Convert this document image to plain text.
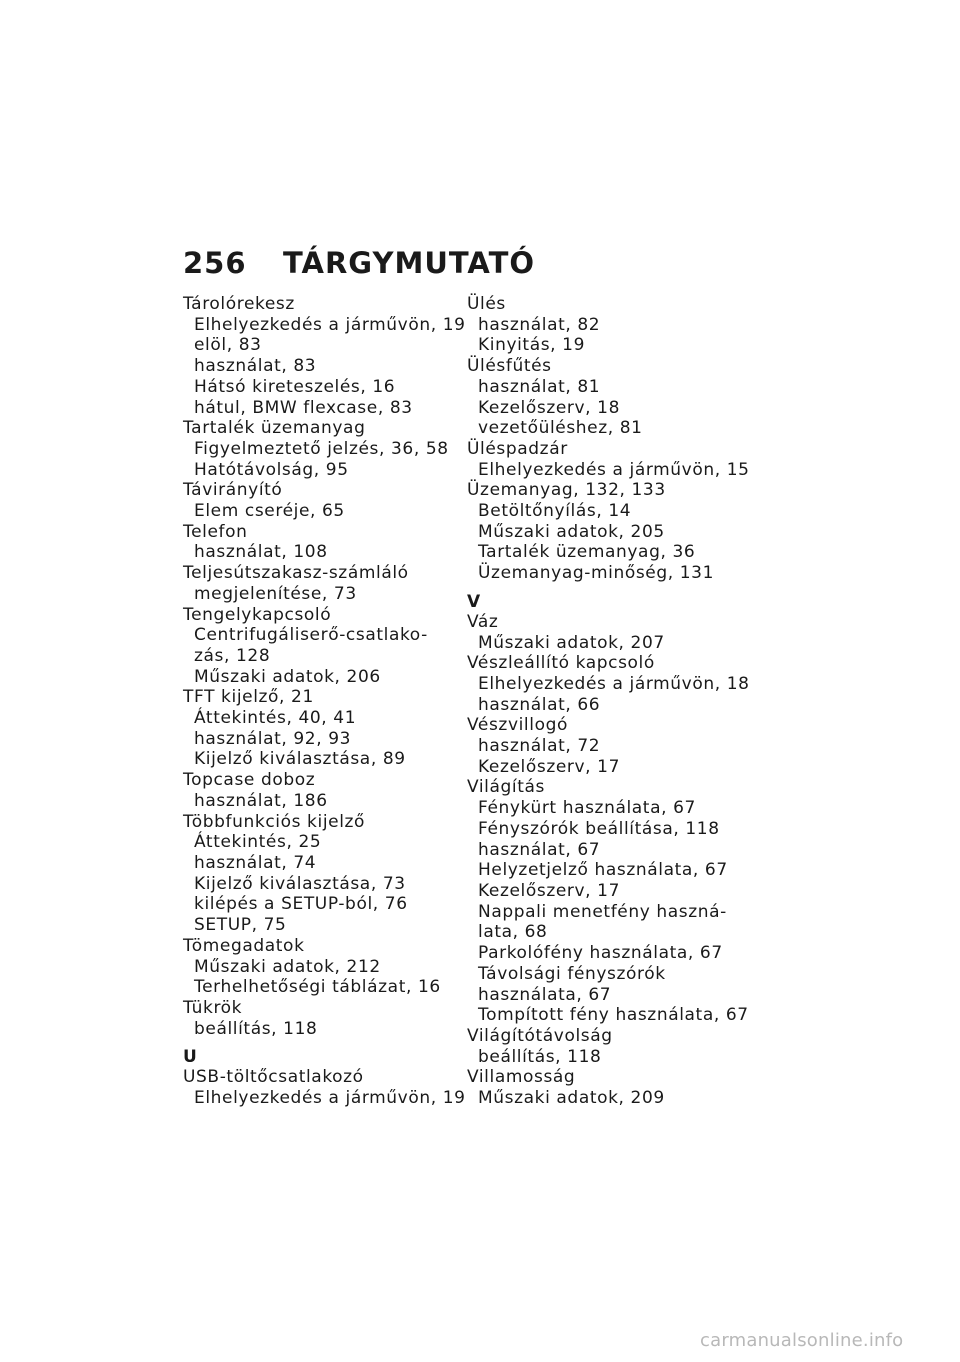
256 TÁRGYMUTATÓ
Tárolórekesz
Elhelyezkedés a járművön, 19
elöl, 83
használat, 83
Hátsó kireteszelés, 16
hátul, BMW flexcase, 83
Tartalék üzemanyag
Figyelmeztető jelzés, 36, 58
Hatótávolság, 95
Távirányító
Elem cseréje, 65
Telefon
használat, 108
Teljesútszakasz-számláló
megjelenítése, 73
Tengelykapcsoló
Centrifugáliserő-csatlako-
zás, 128
Műszaki adatok, 206
TFT kijelző, 21
Áttekintés, 40, 41
használat, 92, 93
Kijelző kiválasztása, 89
Topcase doboz
használat, 186
Többfunkciós kijelző
Áttekintés, 25
használat, 74
Kijelző kiválasztása, 73
kilépés a SETUP-ból, 76
SETUP, 75
Tömegadatok
Műszaki adatok, 212
Terhelhetőségi táblázat, 16
Tükrök
beállítás, 118
U
USB-töltőcsatlakozó
Elhelyezkedés a járművön, 19
Ülés
használat, 82
Kinyitás, 19
Ülésfűtés
használat, 81
Kezelőszerv, 18
vezetőüléshez, 81
Üléspadzár
Elhelyezkedés a járművön, 15
Üzemanyag, 132, 133
Betöltőnyílás, 14
Műszaki adatok, 205
Tartalék üzemanyag, 36
Üzemanyag-minőség, 131
V
Váz
Műszaki adatok, 207
Vészleállító kapcsoló
Elhelyezkedés a járművön, 18
használat, 66
Vészvillogó
használat, 72
Kezelőszerv, 17
Világítás
Fénykürt használata, 67
Fényszórók beállítása, 118
használat, 67
Helyzetjelző használata, 67
Kezelőszerv, 17
Nappali menetfény haszná-
lata, 68
Parkolófény használata, 67
Távolsági fényszórók
használata, 67
Tompított fény használata, 67
Világítótávolság
beállítás, 118
Villamosság
Műszaki adatok, 209
carmanualsonline.info
